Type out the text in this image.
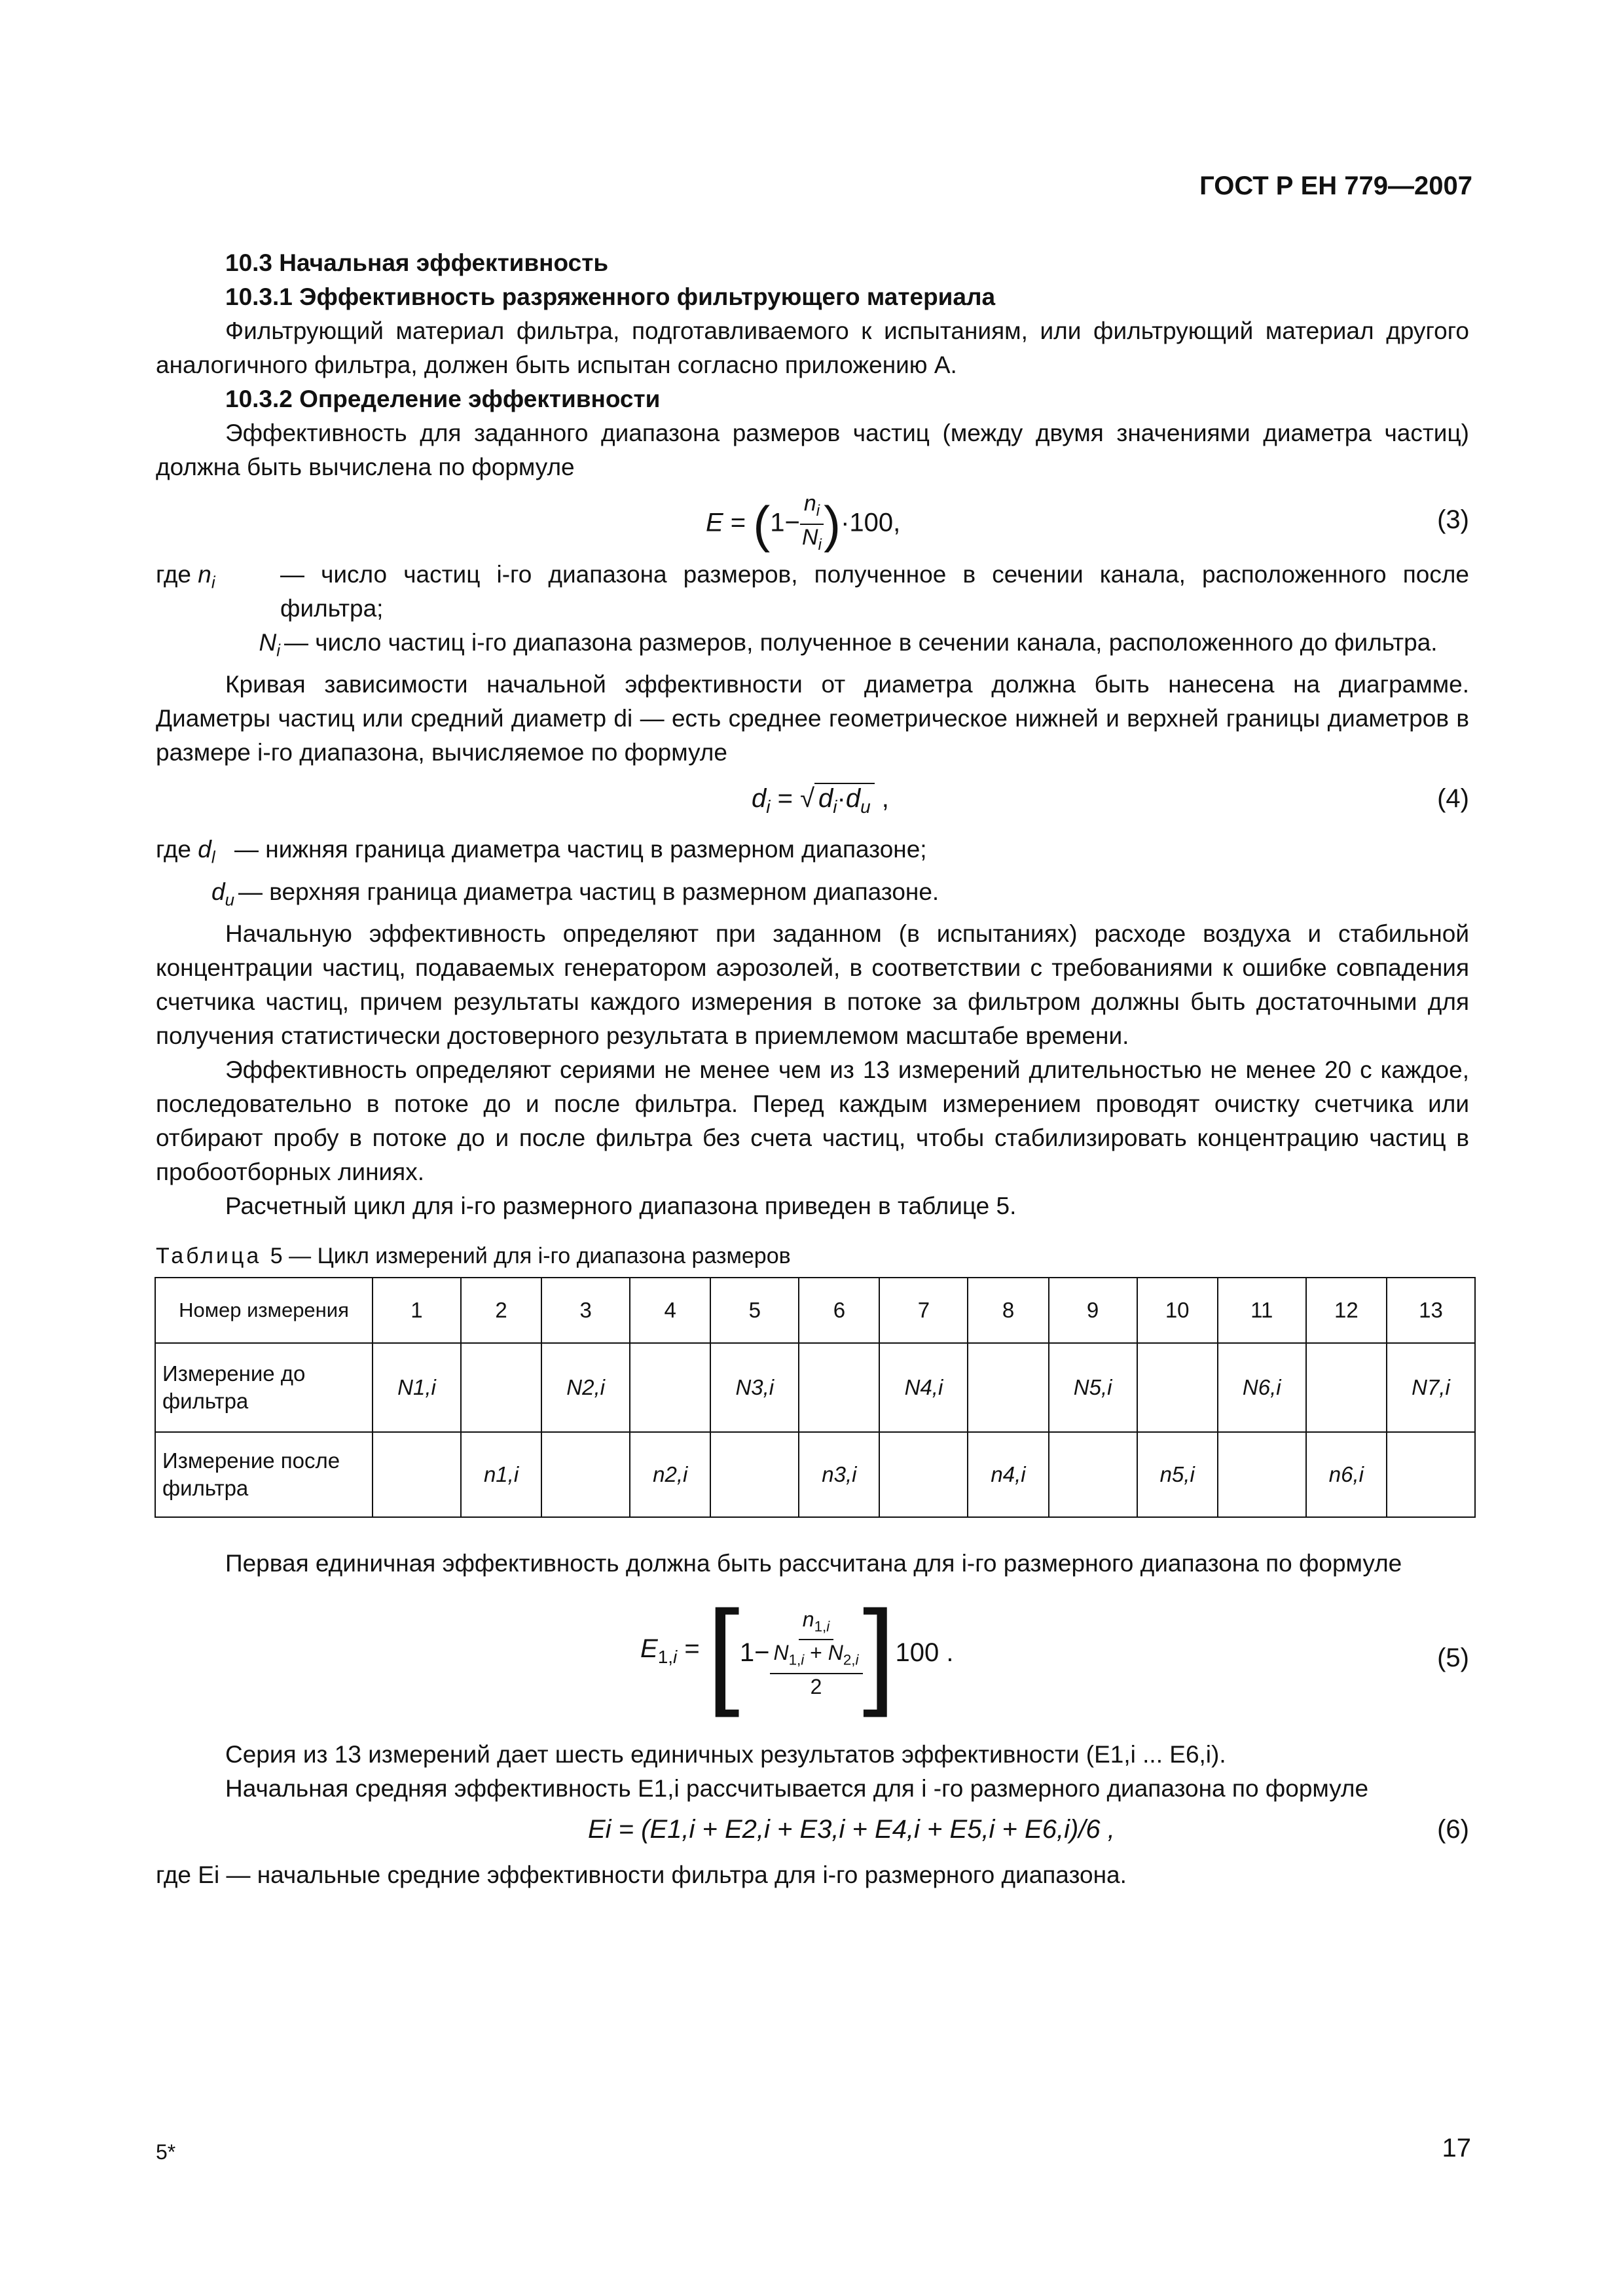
ГОСТ Р ЕН 779—2007

10.3 Начальная эффективность

10.3.1 Эффективность разряженного фильтрующего материала

Фильтрующий материал фильтра, подготавливаемого к испытаниям, или фильтрующий материал другого аналогичного фильтра, должен быть испытан согласно приложению А.

10.3.2 Определение эффективности

Эффективность для заданного диапазона размеров частиц (между двумя значениями диаметра частиц) должна быть вычислена по формуле

$E = (1- \frac{n_i}{N_i} )\cdot 100$,	(3)
где $n_i$	— число частиц i-го диапазона размеров, полученное в сечении канала, расположенного после фильтра;
$N_i$ — число частиц i-го диапазона размеров, полученное в сечении канала, расположенного до фильтра.

Кривая зависимости начальной эффективности от диаметра должна быть нанесена на диаграмме. Диаметры частиц или средний диаметр di — есть среднее геометрическое нижней и верхней границы диаметров в размере i-го диапазона, вычисляемое по формуле

$d_i$ = √ $d_i\cdot d_u$ ,	(4)
где $d_l$ — нижняя граница диаметра частиц в размерном диапазоне;
$d_u$ — верхняя граница диаметра частиц в размерном диапазоне.

Начальную эффективность определяют при заданном (в испытаниях) расходе воздуха и стабильной концентрации частиц, подаваемых генератором аэрозолей, в соответствии с требованиями к ошибке совпадения счетчика частиц, причем результаты каждого измерения в потоке за фильтром должны быть достаточными для получения статистически достоверного результата в приемлемом масштабе времени.

Эффективность определяют сериями не менее чем из 13 измерений длительностью не менее 20 с каждое, последовательно в потоке до и после фильтра. Перед каждым измерением проводят очистку счетчика или отбирают пробу в потоке до и после фильтра без счета частиц, чтобы стабилизировать концентрацию частиц в пробоотборных линиях.

Расчетный цикл для i-го размерного диапазона приведен в таблице 5.

Таблица 5 — Цикл измерений для i-го диапазона размеров
Номер измерения	1	2	3	4	5	6	7	8	9	10	11	12	13
Измерение до фильтра	N1,i		N2,i		N3,i		N4,i		N5,i		N6,i		N7,i
Измерение после фильтра		n1,i		n2,i		n3,i		n4,i		n5,i		n6,i	

Первая единичная эффективность должна быть рассчитана для i-го размерного диапазона по формуле

$E_{1,i}$ = [ $1- n_{1,i}$
$N_{1,i} + N_{2,i}$
2 ] 100 .	(5)

Серия из 13 измерений дает шесть единичных результатов эффективности (E1,i ... E6,i).

Начальная средняя эффективность E1,i рассчитывается для i -го размерного диапазона по формуле

Ei = (E1,i + E2,i + E3,i + E4,i + E5,i + E6,i)/6 ,	(6)

где Ei — начальные средние эффективности фильтра для i-го размерного диапазона.

5*	17
